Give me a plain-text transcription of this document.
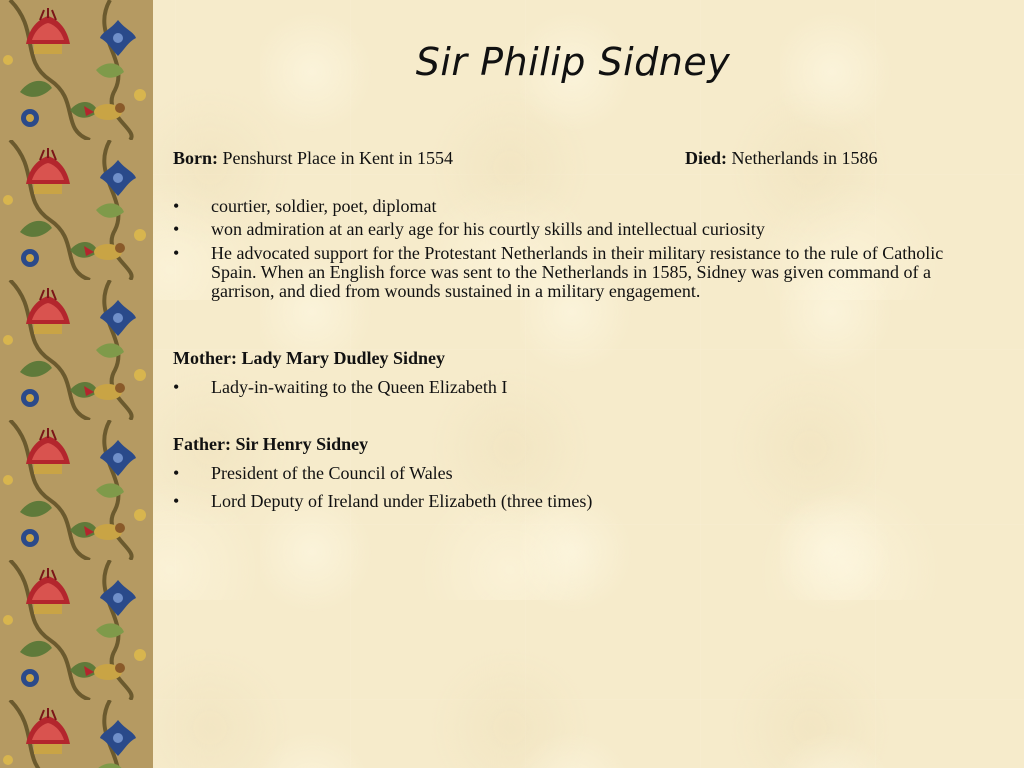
Sir Philip Sidney
Born: Penshurst Place in Kent in 1554	Died: Netherlands in 1586
• courtier, soldier, poet, diplomat
• won admiration at an early age for his courtly skills and intellectual curiosity
• He advocated support for the Protestant Netherlands in their military resistance to the rule of Catholic Spain. When an English force was sent to the Netherlands in 1585, Sidney was given command of a garrison, and died from wounds sustained in a military engagement.
Mother: Lady Mary Dudley Sidney
• Lady-in-waiting to the Queen Elizabeth I
Father: Sir Henry Sidney
• President of the Council of Wales
• Lord Deputy of Ireland under Elizabeth (three times)
